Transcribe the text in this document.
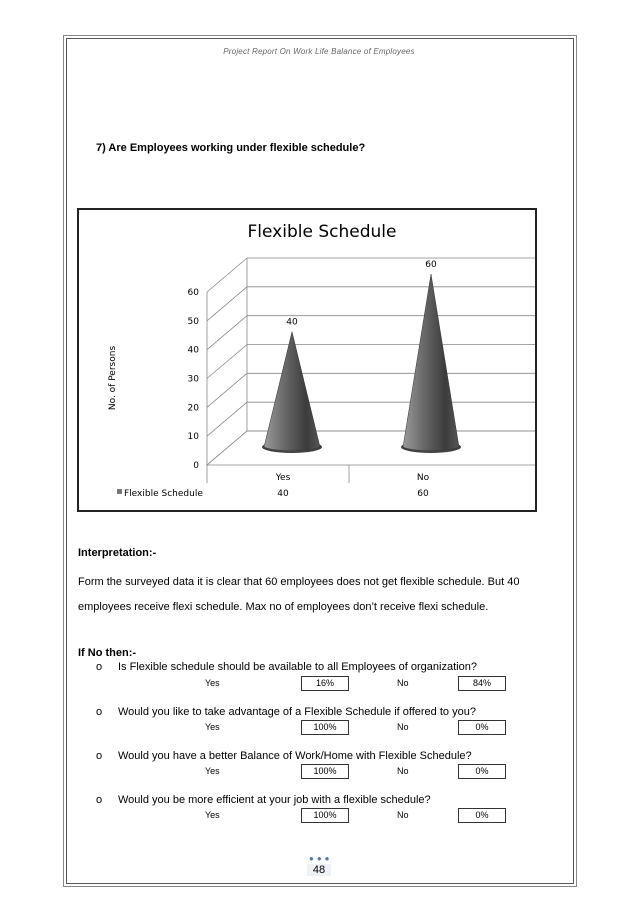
Project Report On Work Life Balance of Employees
7) Are Employees working under flexible schedule?
Flexible Schedule
No. of Persons
0
10
20
30
40
50
60
40
60
Yes
40
No
60
Flexible Schedule
Interpretation:-
Form the surveyed data it is clear that 60 employees does not get flexible schedule. But 40 employees receive flexi schedule. Max no of employees don’t receive flexi schedule.
If No then:-
o Is Flexible schedule should be available to all Employees of organization?
Yes	16%	No	84%
o Would you like to take advantage of a Flexible Schedule if offered to you?
Yes	100%	No	0%
o Would you have a better Balance of Work/Home with Flexible Schedule?
Yes	100%	No	0%
o Would you be more efficient at your job with a flexible schedule?
Yes	100%	No	0%
●●●
48
